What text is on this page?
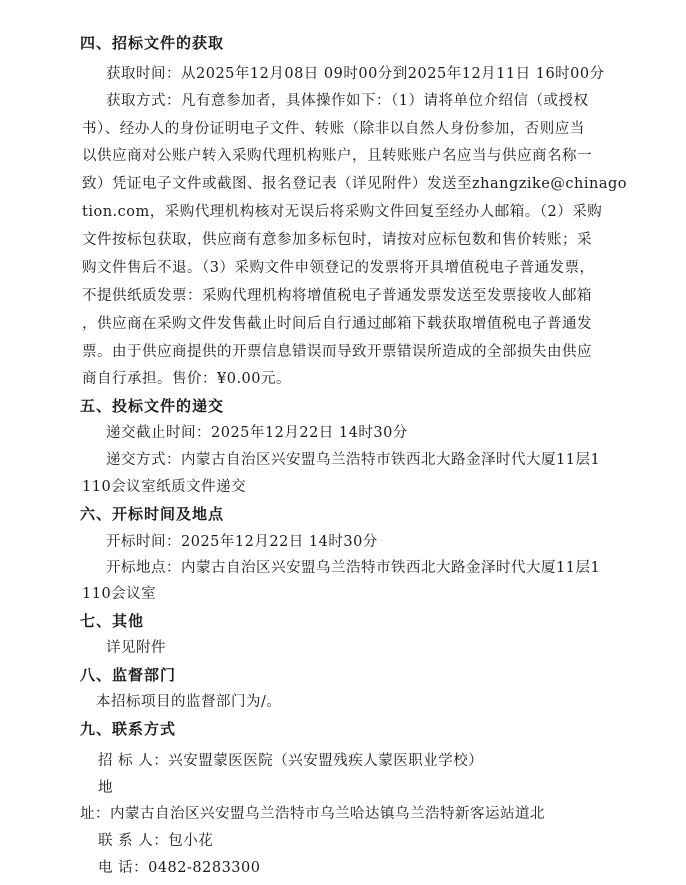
四、招标文件的获取
获取时间：从2025年12月08日 09时00分到2025年12月11日 16时00分
获取方式：凡有意参加者，具体操作如下：（1）请将单位介绍信（或授权
书）、经办人的身份证明电子文件、转账（除非以自然人身份参加，否则应当
以供应商对公账户转入采购代理机构账户，且转账账户名应当与供应商名称一
致）凭证电子文件或截图、报名登记表（详见附件）发送至zhangzike@chinago
tion.com，采购代理机构核对无误后将采购文件回复至经办人邮箱。（2）采购
文件按标包获取，供应商有意参加多标包时，请按对应标包数和售价转账；采
购文件售后不退。（3）采购文件申领登记的发票将开具增值税电子普通发票，
不提供纸质发票：采购代理机构将增值税电子普通发票发送至发票接收人邮箱
，供应商在采购文件发售截止时间后自行通过邮箱下载获取增值税电子普通发
票。由于供应商提供的开票信息错误而导致开票错误所造成的全部损失由供应
商自行承担。售价：¥0.00元。
五、投标文件的递交
递交截止时间：2025年12月22日 14时30分
递交方式：内蒙古自治区兴安盟乌兰浩特市铁西北大路金泽时代大厦11层1
110会议室纸质文件递交
六、开标时间及地点
开标时间：2025年12月22日 14时30分
开标地点：内蒙古自治区兴安盟乌兰浩特市铁西北大路金泽时代大厦11层1
110会议室
七、其他
详见附件
八、监督部门
本招标项目的监督部门为/。
九、联系方式
招 标 人：兴安盟蒙医医院（兴安盟残疾人蒙医职业学校）
地
址：内蒙古自治区兴安盟乌兰浩特市乌兰哈达镇乌兰浩特新客运站道北
联 系 人：包小花
电 话：0482-8283300
